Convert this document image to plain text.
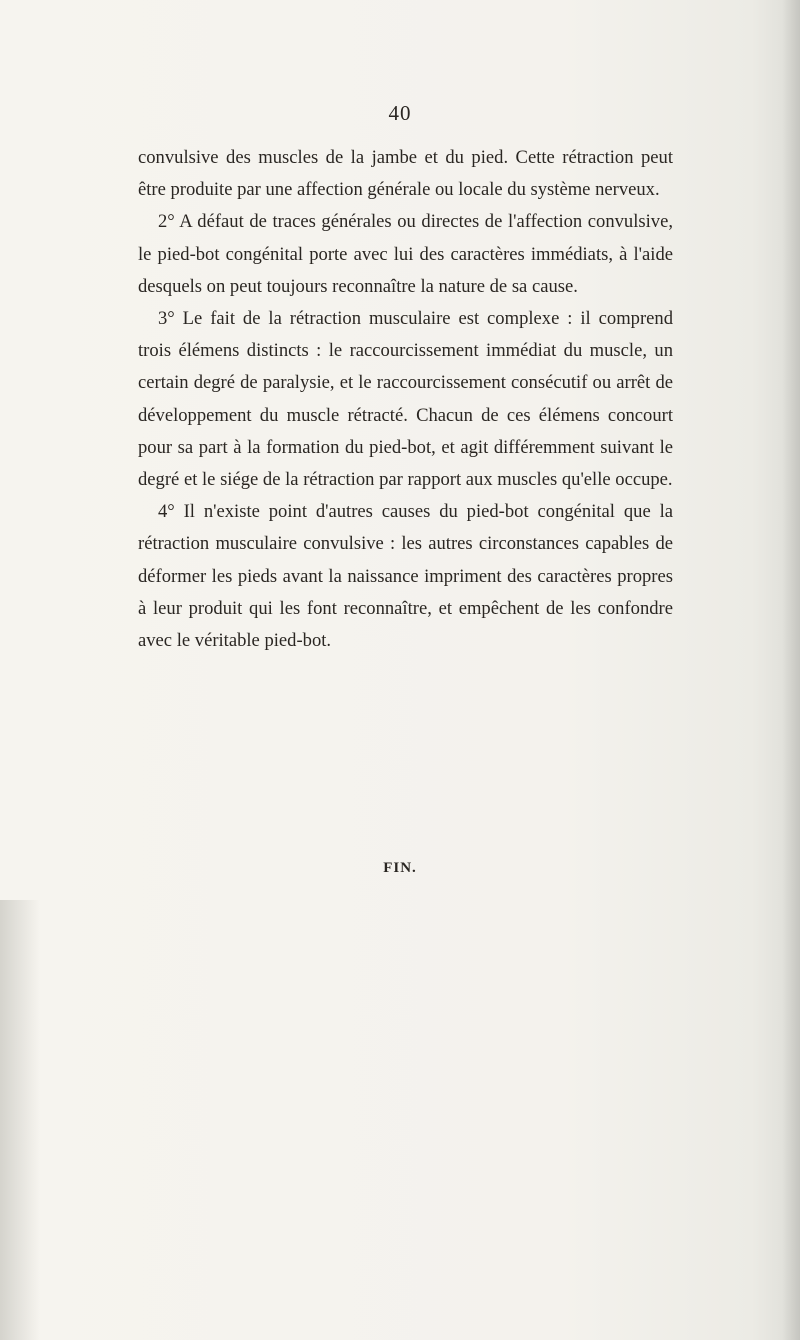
40

convulsive des muscles de la jambe et du pied. Cette rétraction peut être produite par une affection générale ou locale du système nerveux.

2° A défaut de traces générales ou directes de l'affection convulsive, le pied-bot congénital porte avec lui des caractères immédiats, à l'aide desquels on peut toujours reconnaître la nature de sa cause.

3° Le fait de la rétraction musculaire est complexe : il comprend trois élémens distincts : le raccourcissement immédiat du muscle, un certain degré de paralysie, et le raccourcissement consécutif ou arrêt de développement du muscle rétracté. Chacun de ces élémens concourt pour sa part à la formation du pied-bot, et agit différemment suivant le degré et le siége de la rétraction par rapport aux muscles qu'elle occupe.

4° Il n'existe point d'autres causes du pied-bot congénital que la rétraction musculaire convulsive : les autres circonstances capables de déformer les pieds avant la naissance impriment des caractères propres à leur produit qui les font reconnaître, et empêchent de les confondre avec le véritable pied-bot.

FIN.
